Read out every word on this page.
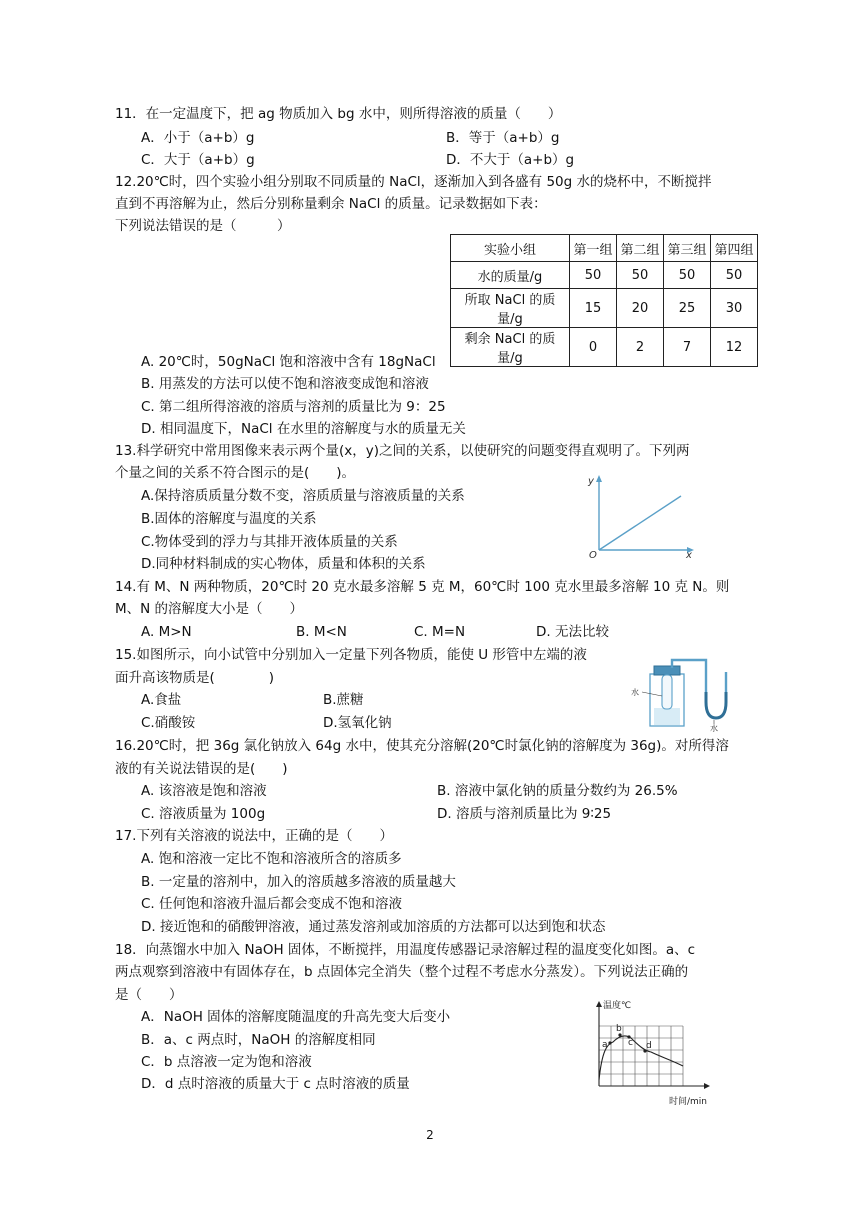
11．在一定温度下，把 ag 物质加入 bg 水中，则所得溶液的质量（　　）
A．小于（a+b）g	B．等于（a+b）g
C．大于（a+b）g	D．不大于（a+b）g
12.20℃时，四个实验小组分别取不同质量的 NaCl，逐渐加入到各盛有 50g 水的烧杯中，不断搅拌
直到不再溶解为止，然后分别称量剩余 NaCl 的质量。记录数据如下表：
下列说法错误的是（　　　）
实验小组	第一组	第二组	第三组	第四组
水的质量/g	50	50	50	50
所取 NaCl 的质量/g	15	20	25	30
剩余 NaCl 的质量/g	0	2	7	12
A. 20℃时，50gNaCl 饱和溶液中含有 18gNaCl
B. 用蒸发的方法可以使不饱和溶液变成饱和溶液
C. 第二组所得溶液的溶质与溶剂的质量比为 9：25
D. 相同温度下，NaCl 在水里的溶解度与水的质量无关
13.科学研究中常用图像来表示两个量(x，y)之间的关系，以使研究的问题变得直观明了。下列两
个量之间的关系不符合图示的是(　　)。
A.保持溶质质量分数不变，溶质质量与溶液质量的关系
B.固体的溶解度与温度的关系
C.物体受到的浮力与其排开液体质量的关系
D.同种材料制成的实心物体，质量和体积的关系
y
x
O
14.有 M、N 两种物质，20℃时 20 克水最多溶解 5 克 M，60℃时 100 克水里最多溶解 10 克 N。则
M、N 的溶解度大小是（　　）
A. M>N	B. M<N	C. M=N	D. 无法比较
15.如图所示，向小试管中分别加入一定量下列各物质，能使 U 形管中左端的液
面升高该物质是(　　　　)
A.食盐	B.蔗糖
C.硝酸铵	D.氢氧化钠
水
水
16.20℃时，把 36g 氯化钠放入 64g 水中，使其充分溶解(20℃时氯化钠的溶解度为 36g)。对所得溶
液的有关说法错误的是(　　)
A. 该溶液是饱和溶液	B. 溶液中氯化钠的质量分数约为 26.5%
C. 溶液质量为 100g	D. 溶质与溶剂质量比为 9∶25
17.下列有关溶液的说法中，正确的是（　　）
A. 饱和溶液一定比不饱和溶液所含的溶质多
B. 一定量的溶剂中，加入的溶质越多溶液的质量越大
C. 任何饱和溶液升温后都会变成不饱和溶液
D. 接近饱和的硝酸钾溶液，通过蒸发溶剂或加溶质的方法都可以达到饱和状态
18．向蒸馏水中加入 NaOH 固体，不断搅拌，用温度传感器记录溶解过程的温度变化如图。a、c
两点观察到溶液中有固体存在，b 点固体完全消失（整个过程不考虑水分蒸发）。下列说法正确的
是（　　）
A．NaOH 固体的溶解度随温度的升高先变大后变小
B．a、c 两点时，NaOH 的溶解度相同
C．b 点溶液一定为饱和溶液
D．d 点时溶液的质量大于 c 点时溶液的质量
a
b
c d
温度℃
时间/min
2
